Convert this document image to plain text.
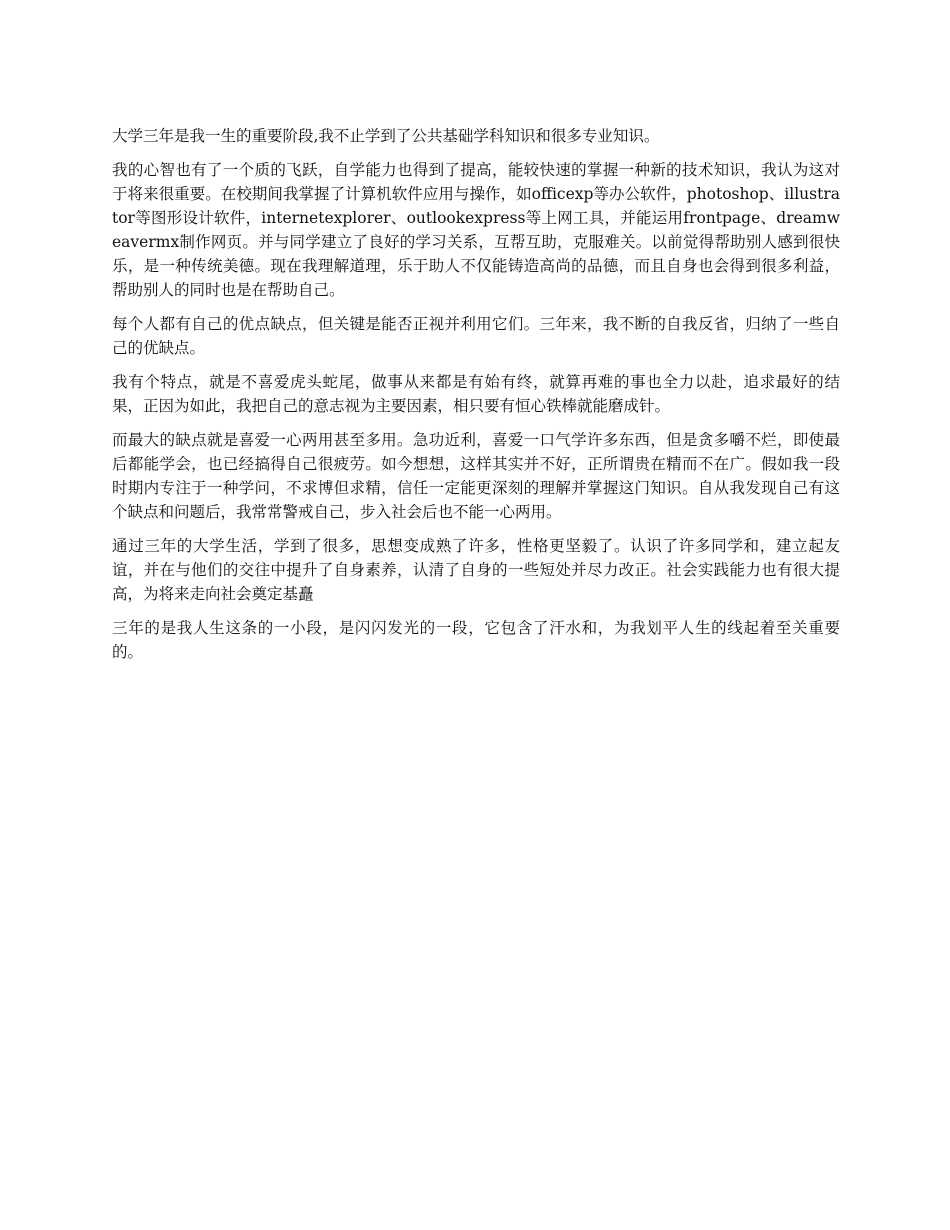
大学三年是我一生的重要阶段,我不止学到了公共基础学科知识和很多专业知识。

我的心智也有了一个质的飞跃，自学能力也得到了提高，能较快速的掌握一种新的技术知识，我认为这对于将来很重要。在校期间我掌握了计算机软件应用与操作，如officexp等办公软件，photoshop、illustrator等图形设计软件，internetexplorer、outlookexpress等上网工具，并能运用frontpage、dreamweavermx制作网页。并与同学建立了良好的学习关系，互帮互助，克服难关。以前觉得帮助别人感到很快乐，是一种传统美德。现在我理解道理，乐于助人不仅能铸造高尚的品德，而且自身也会得到很多利益，帮助别人的同时也是在帮助自己。

每个人都有自己的优点缺点，但关键是能否正视并利用它们。三年来，我不断的自我反省，归纳了一些自己的优缺点。

我有个特点，就是不喜爱虎头蛇尾，做事从来都是有始有终，就算再难的事也全力以赴，追求最好的结果，正因为如此，我把自己的意志视为主要因素，相只要有恒心铁棒就能磨成针。

而最大的缺点就是喜爱一心两用甚至多用。急功近利，喜爱一口气学许多东西，但是贪多嚼不烂，即使最后都能学会，也已经搞得自己很疲劳。如今想想，这样其实并不好，正所谓贵在精而不在广。假如我一段时期内专注于一种学问，不求博但求精，信任一定能更深刻的理解并掌握这门知识。自从我发现自己有这个缺点和问题后，我常常警戒自己，步入社会后也不能一心两用。

通过三年的大学生活，学到了很多，思想变成熟了许多，性格更坚毅了。认识了许多同学和，建立起友谊，并在与他们的交往中提升了自身素养，认清了自身的一些短处并尽力改正。社会实践能力也有很大提高，为将来走向社会奠定基矗

三年的是我人生这条的一小段，是闪闪发光的一段，它包含了汗水和，为我划平人生的线起着至关重要的。
